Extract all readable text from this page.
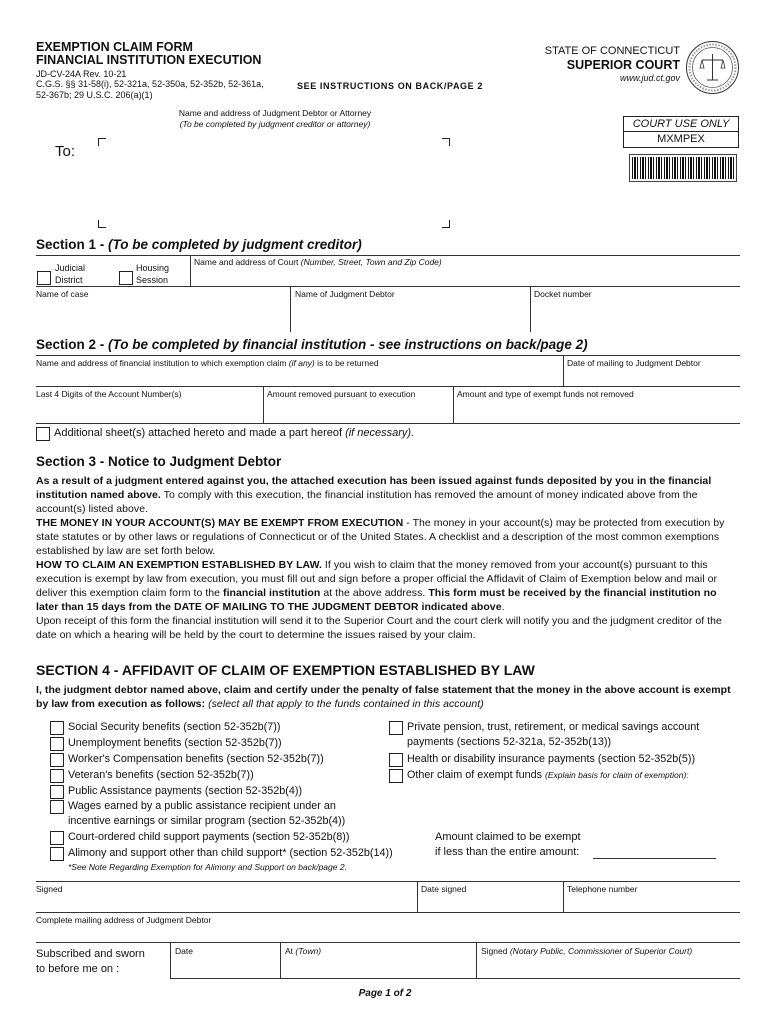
EXEMPTION CLAIM FORM
FINANCIAL INSTITUTION EXECUTION
JD-CV-24A Rev. 10-21
C.G.S. §§ 31-58(i), 52-321a, 52-350a, 52-352b, 52-361a,
52-367b; 29 U.S.C. 206(a)(1)
SEE INSTRUCTIONS ON BACK/PAGE 2
STATE OF CONNECTICUT
SUPERIOR COURT
www.jud.ct.gov
Name and address of Judgment Debtor or Attorney
(To be completed by judgment creditor or attorney)
To:
COURT USE ONLY
MXMPEX
Section 1 - (To be completed by judgment creditor)
Judicial
District
Housing
Session
Name and address of Court (Number, Street, Town and Zip Code)
Name of case	Name of Judgment Debtor	Docket number
Section 2 - (To be completed by financial institution - see instructions on back/page 2)
Name and address of financial institution to which exemption claim (if any) is to be returned	Date of mailing to Judgment Debtor
Last 4 Digits of the Account Number(s)	Amount removed pursuant to execution	Amount and type of exempt funds not removed
Additional sheet(s) attached hereto and made a part hereof (if necessary).
Section 3 - Notice to Judgment Debtor

As a result of a judgment entered against you, the attached execution has been issued against funds deposited by you in the financial institution named above. To comply with this execution, the financial institution has removed the amount of money indicated above from the account(s) listed above.

THE MONEY IN YOUR ACCOUNT(S) MAY BE EXEMPT FROM EXECUTION - The money in your account(s) may be protected from execution by state statutes or by other laws or regulations of Connecticut or of the United States. A checklist and a description of the most common exemptions established by law are set forth below.

HOW TO CLAIM AN EXEMPTION ESTABLISHED BY LAW. If you wish to claim that the money removed from your account(s) pursuant to this execution is exempt by law from execution, you must fill out and sign before a proper official the Affidavit of Claim of Exemption below and mail or deliver this exemption claim form to the financial institution at the above address. This form must be received by the financial institution no later than 15 days from the DATE OF MAILING TO THE JUDGMENT DEBTOR indicated above.

Upon receipt of this form the financial institution will send it to the Superior Court and the court clerk will notify you and the judgment creditor of the date on which a hearing will be held by the court to determine the issues raised by your claim.

SECTION 4 - AFFIDAVIT OF CLAIM OF EXEMPTION ESTABLISHED BY LAW
I, the judgment debtor named above, claim and certify under the penalty of false statement that the money in the above account is exempt by law from execution as follows: (select all that apply to the funds contained in this account)
Social Security benefits (section 52-352b(7))
Unemployment benefits (section 52-352b(7))
Worker's Compensation benefits (section 52-352b(7))
Veteran's benefits (section 52-352b(7))
Public Assistance payments (section 52-352b(4))
Wages earned by a public assistance recipient under an
incentive earnings or similar program (section 52-352b(4))
Court-ordered child support payments (section 52-352b(8))
Alimony and support other than child support* (section 52-352b(14))
Private pension, trust, retirement, or medical savings account
payments (sections 52-321a, 52-352b(13))
Health or disability insurance payments (section 52-352b(5))
Other claim of exempt funds (Explain basis for claim of exemption):
Amount claimed to be exempt
if less than the entire amount:
*See Note Regarding Exemption for Alimony and Support on back/page 2.
Signed	Date signed	Telephone number
Complete mailing address of Judgment Debtor
Subscribed and sworn
to before me on :
Date	At (Town)	Signed (Notary Public, Commissioner of Superior Court)
Page 1 of 2
